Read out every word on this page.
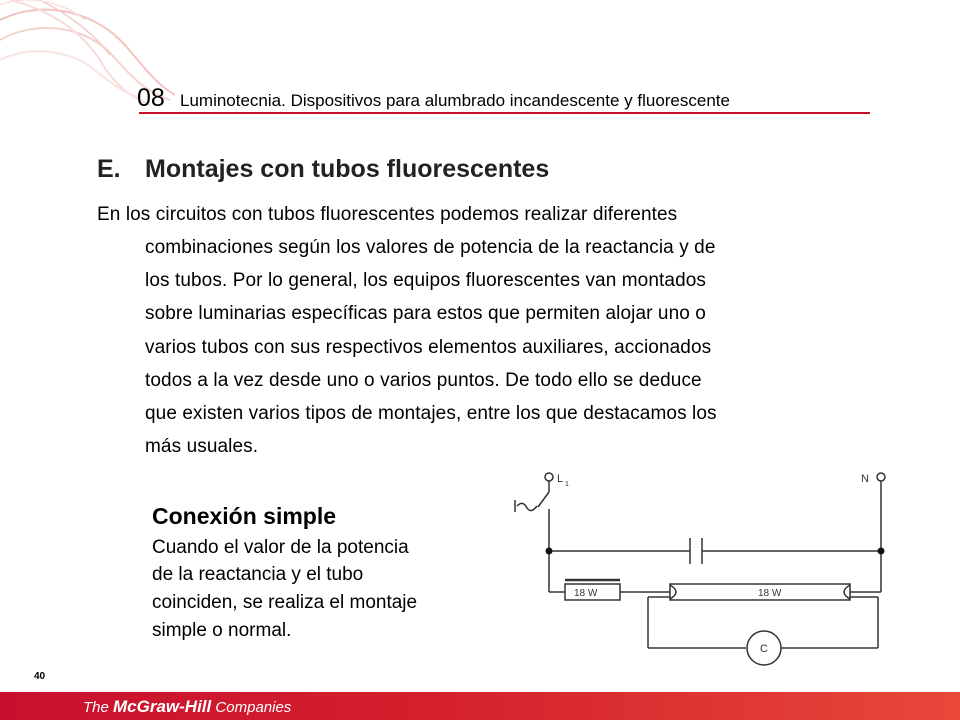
08 Luminotecnia. Dispositivos para alumbrado incandescente y fluorescente
E. Montajes con tubos fluorescentes
En los circuitos con tubos fluorescentes podemos realizar diferentes
combinaciones según los valores de potencia de la reactancia y de
los tubos. Por lo general, los equipos fluorescentes van montados
sobre luminarias específicas para estos que permiten alojar uno o
varios tubos con sus respectivos elementos auxiliares, accionados
todos a la vez desde uno o varios puntos. De todo ello se deduce
que existen varios tipos de montajes, entre los que destacamos los
más usuales.
Conexión simple
Cuando el valor de la potencia
de la reactancia y el tubo
coinciden, se realiza el montaje
simple o normal.
L 1	N
18 W	18 W
C
40
The McGraw-Hill Companies
